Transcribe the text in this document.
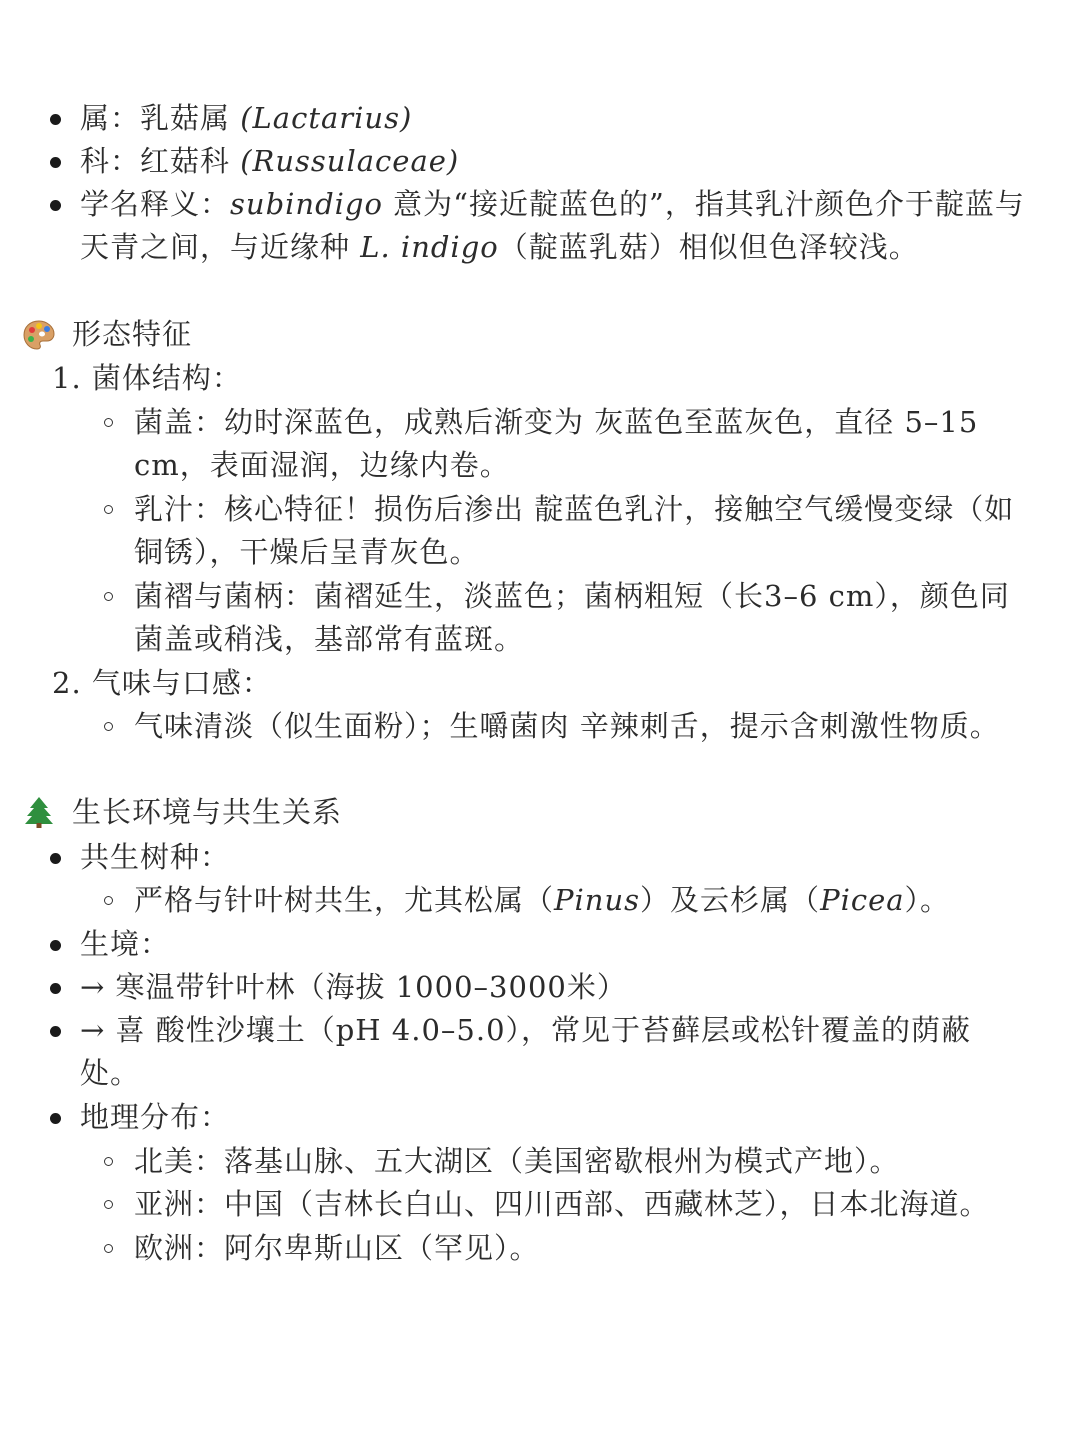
属：乳菇属 (Lactarius)
科：红菇科 (Russulaceae)
学名释义：subindigo 意为“接近靛蓝色的”，指其乳汁颜色介于靛蓝与
天青之间，与近缘种 L. indigo（靛蓝乳菇）相似但色泽较浅。
形态特征
1. 菌体结构：
菌盖：幼时深蓝色，成熟后渐变为 灰蓝色至蓝灰色，直径 5–15
cm，表面湿润，边缘内卷。
乳汁：核心特征！损伤后渗出 靛蓝色乳汁，接触空气缓慢变绿（如
铜锈），干燥后呈青灰色。
菌褶与菌柄：菌褶延生，淡蓝色；菌柄粗短（长3–6 cm），颜色同
菌盖或稍浅，基部常有蓝斑。
2. 气味与口感：
气味清淡（似生面粉）；生嚼菌肉 辛辣刺舌，提示含刺激性物质。
生长环境与共生关系
共生树种：
严格与针叶树共生，尤其松属（Pinus）及云杉属（Picea）。
生境：
→ 寒温带针叶林（海拔 1000–3000米）
→ 喜 酸性沙壤土（pH 4.0–5.0），常见于苔藓层或松针覆盖的荫蔽
处。
地理分布：
北美：落基山脉、五大湖区（美国密歇根州为模式产地）。
亚洲：中国（吉林长白山、四川西部、西藏林芝），日本北海道。
欧洲：阿尔卑斯山区（罕见）。
